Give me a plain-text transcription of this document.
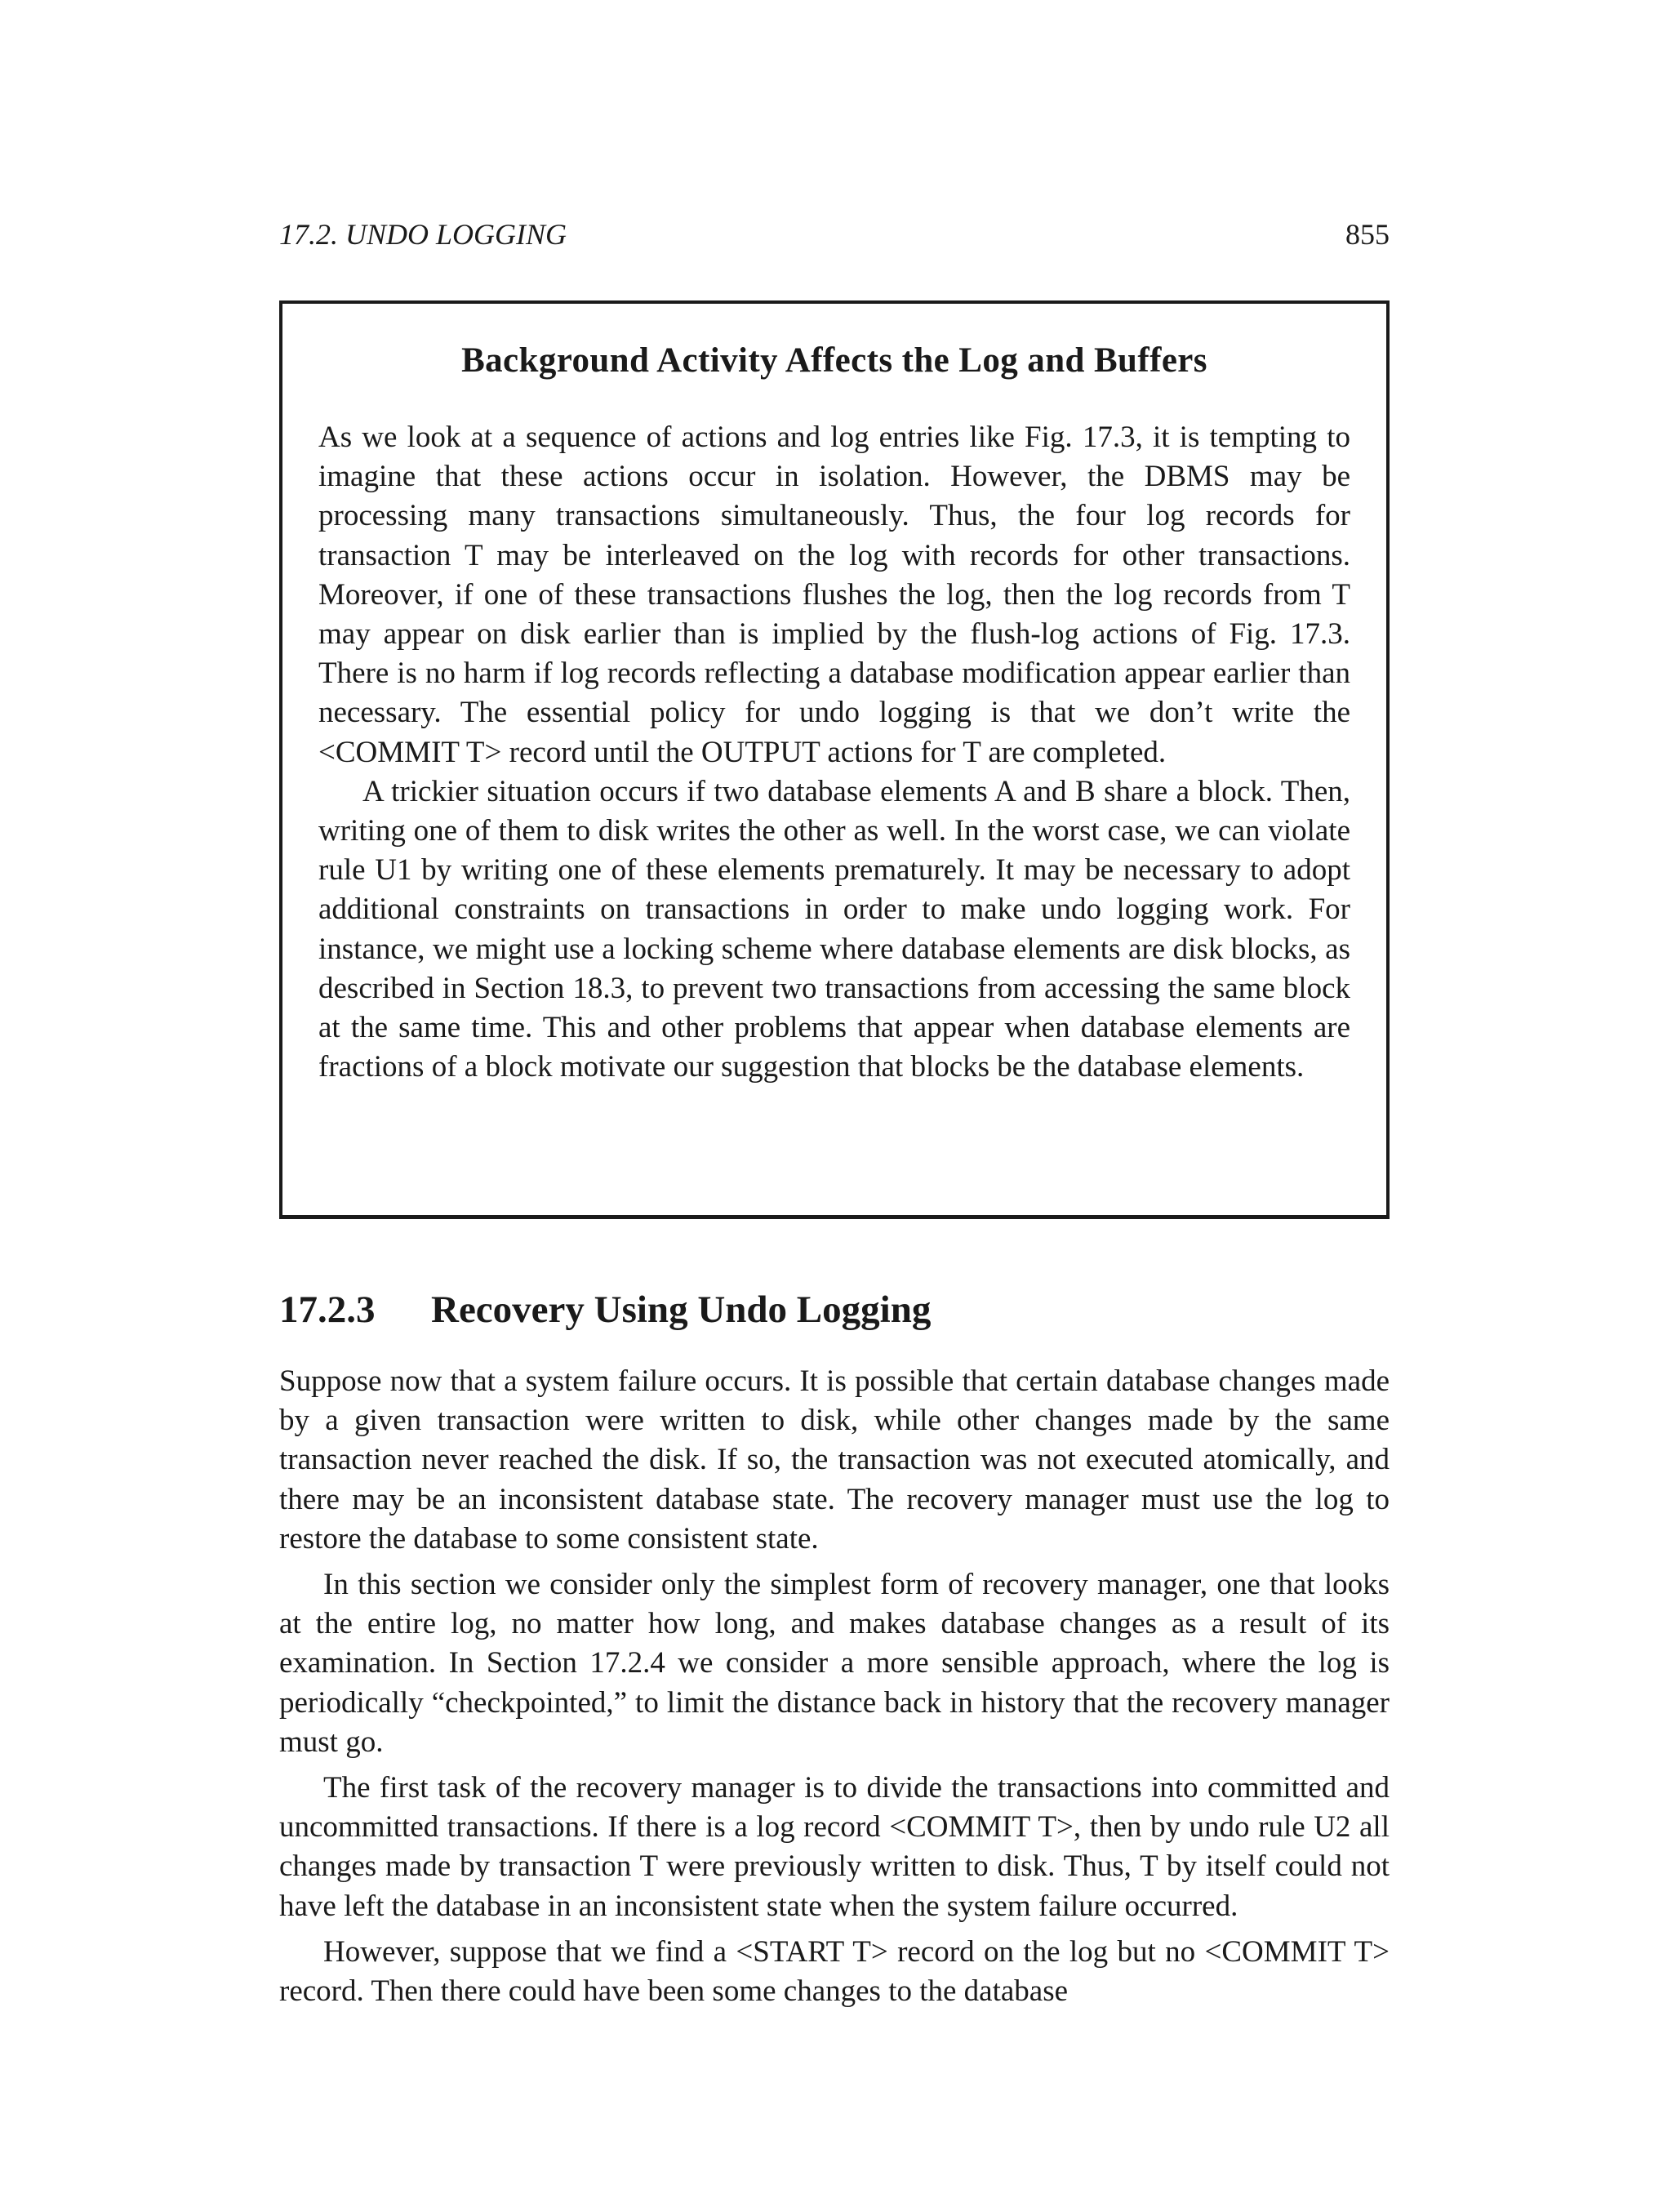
17.2. UNDO LOGGING	855
Background Activity Affects the Log and Buffers

As we look at a sequence of actions and log entries like Fig. 17.3, it is tempting to imagine that these actions occur in isolation. However, the DBMS may be processing many transactions simultaneously. Thus, the four log records for transaction T may be interleaved on the log with records for other transactions. Moreover, if one of these transactions flushes the log, then the log records from T may appear on disk earlier than is implied by the flush-log actions of Fig. 17.3. There is no harm if log records reflecting a database modification appear earlier than necessary. The essential policy for undo logging is that we don’t write the <COMMIT T> record until the OUTPUT actions for T are completed.

A trickier situation occurs if two database elements A and B share a block. Then, writing one of them to disk writes the other as well. In the worst case, we can violate rule U1 by writing one of these elements prematurely. It may be necessary to adopt additional constraints on transactions in order to make undo logging work. For instance, we might use a locking scheme where database elements are disk blocks, as described in Section 18.3, to prevent two transactions from accessing the same block at the same time. This and other problems that appear when database elements are fractions of a block motivate our suggestion that blocks be the database elements.

17.2.3 Recovery Using Undo Logging

Suppose now that a system failure occurs. It is possible that certain database changes made by a given transaction were written to disk, while other changes made by the same transaction never reached the disk. If so, the transaction was not executed atomically, and there may be an inconsistent database state. The recovery manager must use the log to restore the database to some consistent state.

In this section we consider only the simplest form of recovery manager, one that looks at the entire log, no matter how long, and makes database changes as a result of its examination. In Section 17.2.4 we consider a more sensible approach, where the log is periodically “checkpointed,” to limit the distance back in history that the recovery manager must go.

The first task of the recovery manager is to divide the transactions into committed and uncommitted transactions. If there is a log record <COMMIT T>, then by undo rule U2 all changes made by transaction T were previously written to disk. Thus, T by itself could not have left the database in an inconsistent state when the system failure occurred.

However, suppose that we find a <START T> record on the log but no <COMMIT T> record. Then there could have been some changes to the database
